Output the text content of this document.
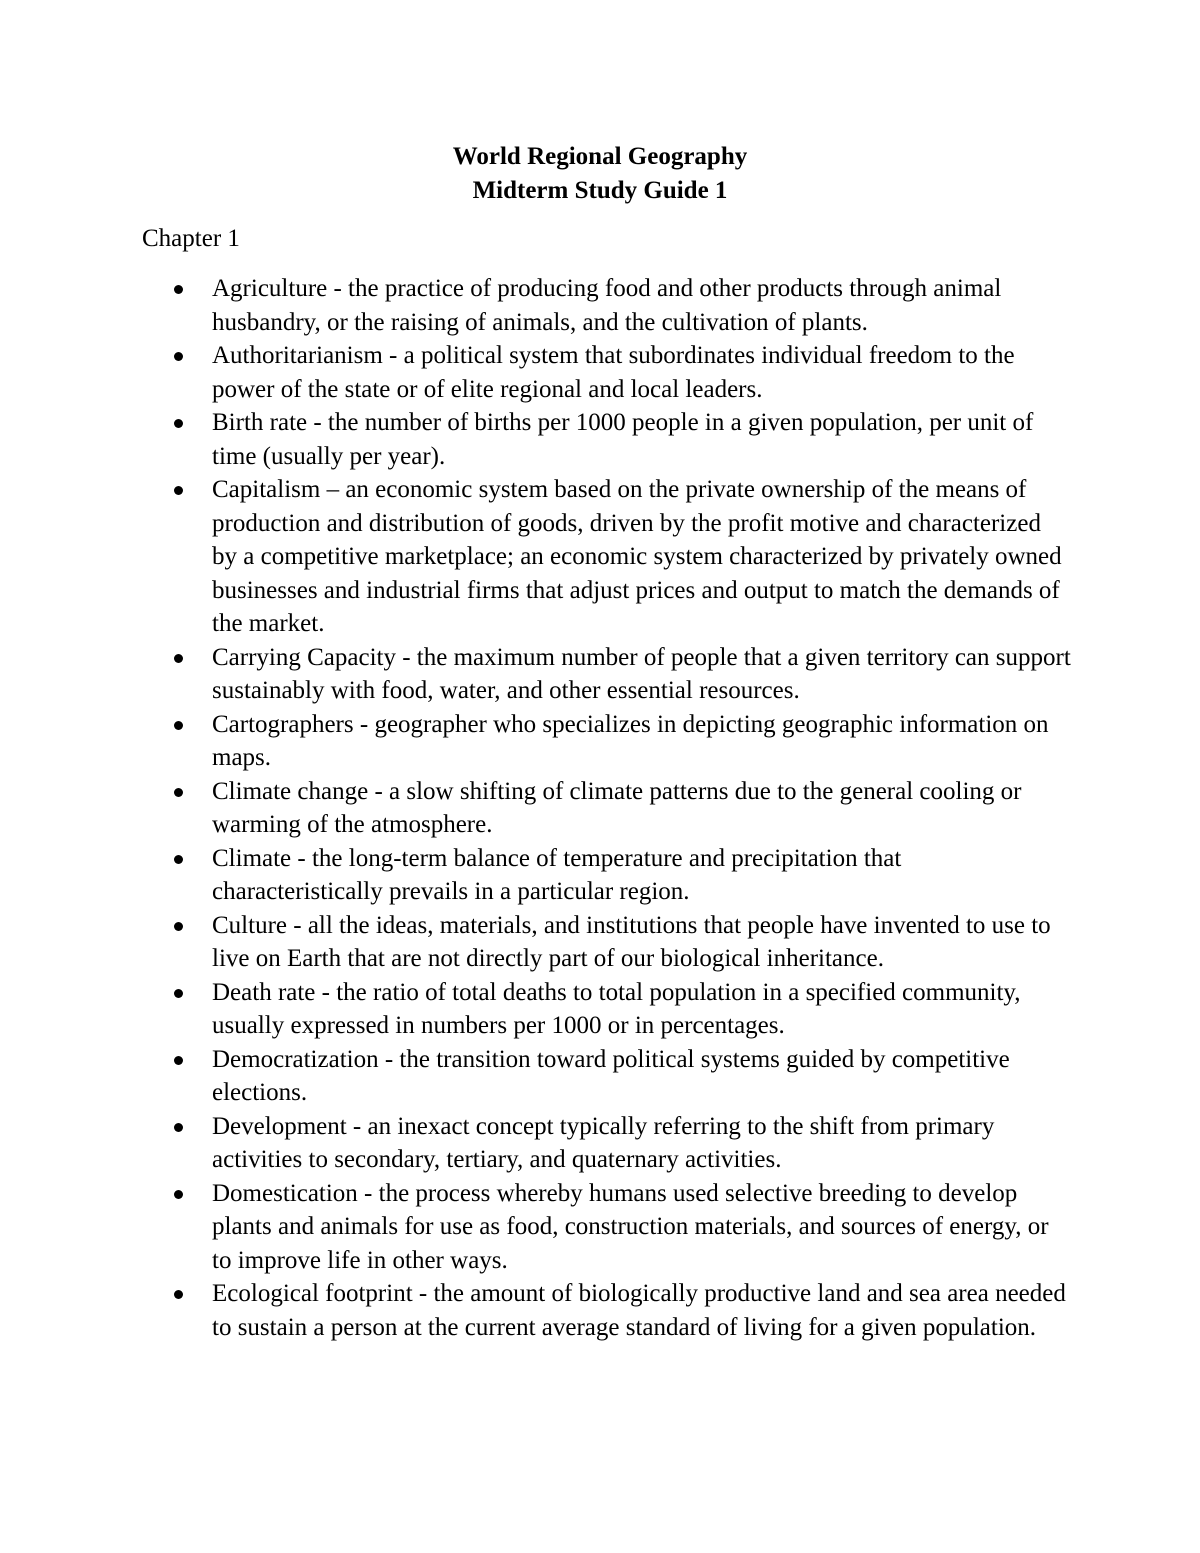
World Regional Geography
Midterm Study Guide 1
Chapter 1
Agriculture - the practice of producing food and other products through animal husbandry, or the raising of animals, and the cultivation of plants.
Authoritarianism - a political system that subordinates individual freedom to the power of the state or of elite regional and local leaders.
Birth rate - the number of births per 1000 people in a given population, per unit of time (usually per year).
Capitalism – an economic system based on the private ownership of the means of production and distribution of goods, driven by the profit motive and characterized by a competitive marketplace; an economic system characterized by privately owned businesses and industrial firms that adjust prices and output to match the demands of the market.
Carrying Capacity - the maximum number of people that a given territory can support sustainably with food, water, and other essential resources.
Cartographers - geographer who specializes in depicting geographic information on maps.
Climate change - a slow shifting of climate patterns due to the general cooling or warming of the atmosphere.
Climate - the long-term balance of temperature and precipitation that characteristically prevails in a particular region.
Culture - all the ideas, materials, and institutions that people have invented to use to live on Earth that are not directly part of our biological inheritance.
Death rate - the ratio of total deaths to total population in a specified community, usually expressed in numbers per 1000 or in percentages.
Democratization - the transition toward political systems guided by competitive elections.
Development - an inexact concept typically referring to the shift from primary activities to secondary, tertiary, and quaternary activities.
Domestication - the process whereby humans used selective breeding to develop plants and animals for use as food, construction materials, and sources of energy, or to improve life in other ways.
Ecological footprint - the amount of biologically productive land and sea area needed to sustain a person at the current average standard of living for a given population.
